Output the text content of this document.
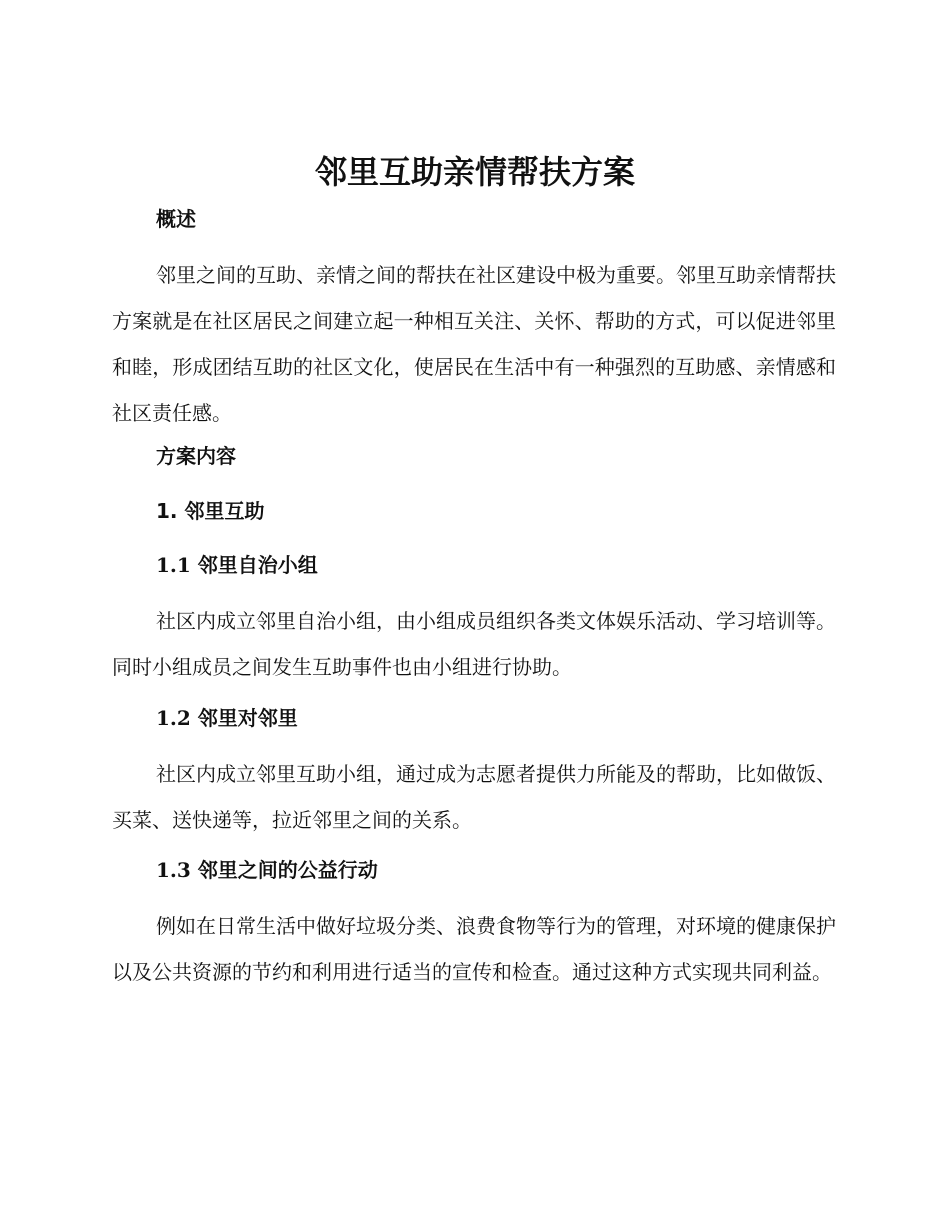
邻里互助亲情帮扶方案
概述

邻里之间的互助、亲情之间的帮扶在社区建设中极为重要。邻里互助亲情帮扶方案就是在社区居民之间建立起一种相互关注、关怀、帮助的方式，可以促进邻里和睦，形成团结互助的社区文化，使居民在生活中有一种强烈的互助感、亲情感和社区责任感。

方案内容
1. 邻里互助
1.1 邻里自治小组

社区内成立邻里自治小组，由小组成员组织各类文体娱乐活动、学习培训等。同时小组成员之间发生互助事件也由小组进行协助。

1.2 邻里对邻里

社区内成立邻里互助小组，通过成为志愿者提供力所能及的帮助，比如做饭、买菜、送快递等，拉近邻里之间的关系。

1.3 邻里之间的公益行动

例如在日常生活中做好垃圾分类、浪费食物等行为的管理，对环境的健康保护以及公共资源的节约和利用进行适当的宣传和检查。通过这种方式实现共同利益。
